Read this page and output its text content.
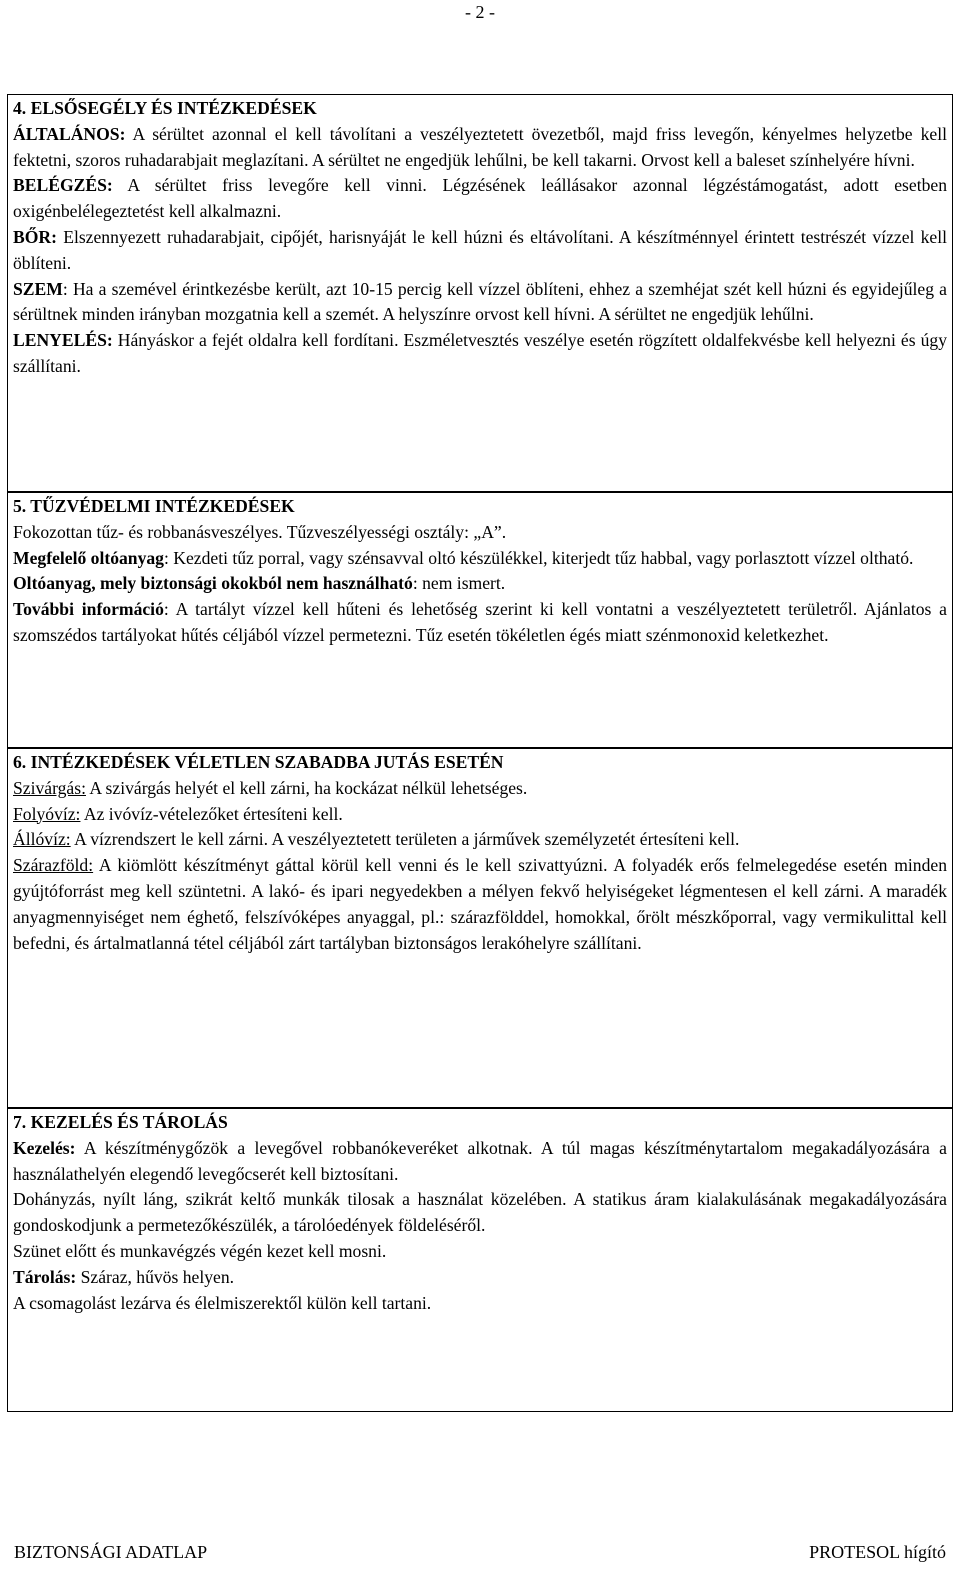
- 2 -

4. ELSŐSEGÉLY ÉS INTÉZKEDÉSEK

ÁLTALÁNOS: A sérültet azonnal el kell távolítani a veszélyeztetett övezetből, majd friss levegőn, kényelmes helyzetbe kell fektetni, szoros ruhadarabjait meglazítani. A sérültet ne engedjük lehűlni, be kell takarni. Orvost kell a baleset színhelyére hívni.

BELÉGZÉS: A sérültet friss levegőre kell vinni. Légzésének leállásakor azonnal légzéstámogatást, adott esetben oxigénbelélegeztetést kell alkalmazni.

BŐR: Elszennyezett ruhadarabjait, cipőjét, harisnyáját le kell húzni és eltávolítani. A készítménnyel érintett testrészét vízzel kell öblíteni.

SZEM: Ha a szemével érintkezésbe került, azt 10-15 percig kell vízzel öblíteni, ehhez a szemhéjat szét kell húzni és egyidejűleg a sérültnek minden irányban mozgatnia kell a szemét. A helyszínre orvost kell hívni. A sérültet ne engedjük lehűlni.

LENYELÉS: Hányáskor a fejét oldalra kell fordítani. Eszméletvesztés veszélye esetén rögzített oldalfekvésbe kell helyezni és úgy szállítani.

5. TŰZVÉDELMI INTÉZKEDÉSEK

Fokozottan tűz- és robbanásveszélyes. Tűzveszélyességi osztály: „A”.

Megfelelő oltóanyag: Kezdeti tűz porral, vagy szénsavval oltó készülékkel, kiterjedt tűz habbal, vagy porlasztott vízzel oltható.

Oltóanyag, mely biztonsági okokból nem használható: nem ismert.

További információ: A tartályt vízzel kell hűteni és lehetőség szerint ki kell vontatni a veszélyeztetett területről. Ajánlatos a szomszédos tartályokat hűtés céljából vízzel permetezni. Tűz esetén tökéletlen égés miatt szénmonoxid keletkezhet.

6. INTÉZKEDÉSEK VÉLETLEN SZABADBA JUTÁS ESETÉN

Szivárgás: A szivárgás helyét el kell zárni, ha kockázat nélkül lehetséges.

Folyóvíz: Az ivóvíz-vételezőket értesíteni kell.

Állóvíz: A vízrendszert le kell zárni. A veszélyeztetett területen a járművek személyzetét értesíteni kell.

Szárazföld: A kiömlött készítményt gáttal körül kell venni és le kell szivattyúzni. A folyadék erős felmelegedése esetén minden gyújtóforrást meg kell szüntetni. A lakó- és ipari negyedekben a mélyen fekvő helyiségeket légmentesen el kell zárni. A maradék anyagmennyiséget nem éghető, felszívóképes anyaggal, pl.: szárazfölddel, homokkal, őrölt mészkőporral, vagy vermikulittal kell befedni, és ártalmatlanná tétel céljából zárt tartályban biztonságos lerakóhelyre szállítani.

7. KEZELÉS ÉS TÁROLÁS

Kezelés: A készítménygőzök a levegővel robbanókeveréket alkotnak. A túl magas készítménytartalom megakadályozására a használathelyén elegendő levegőcserét kell biztosítani.

Dohányzás, nyílt láng, szikrát keltő munkák tilosak a használat közelében. A statikus áram kialakulásának megakadályozására gondoskodjunk a permetezőkészülék, a tárolóedények földeléséről.

Szünet előtt és munkavégzés végén kezet kell mosni.

Tárolás: Száraz, hűvös helyen.

A csomagolást lezárva és élelmiszerektől külön kell tartani.

BIZTONSÁGI ADATLAP	PROTESOL hígító
